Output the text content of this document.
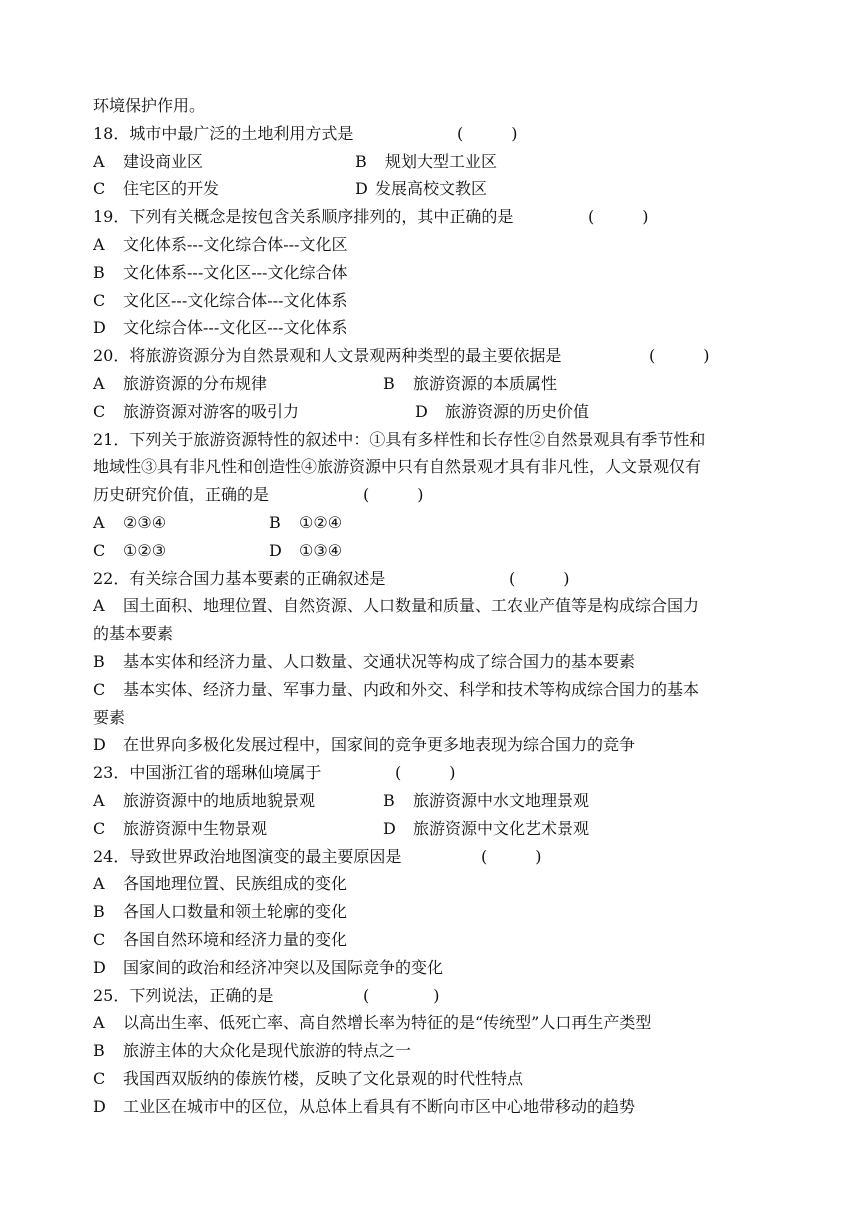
环境保护作用。
18．城市中最广泛的土地利用方式是	(　　　)
A 建设商业区	B 规划大型工业区
C 住宅区的开发	D 发展高校文教区
19．下列有关概念是按包含关系顺序排列的，其中正确的是	(　　　)
A 文化体系---文化综合体---文化区
B 文化体系---文化区---文化综合体
C 文化区---文化综合体---文化体系
D 文化综合体---文化区---文化体系
20．将旅游资源分为自然景观和人文景观两种类型的最主要依据是	(　　　)
A 旅游资源的分布规律	B 旅游资源的本质属性
C 旅游资源对游客的吸引力	D 旅游资源的历史价值
21．下列关于旅游资源特性的叙述中：①具有多样性和长存性②自然景观具有季节性和
地域性③具有非凡性和创造性④旅游资源中只有自然景观才具有非凡性，人文景观仅有
历史研究价值，正确的是	(　　　)
A ②③④	B ①②④
C ①②③	D ①③④
22．有关综合国力基本要素的正确叙述是	(　　　)
A 国土面积、地理位置、自然资源、人口数量和质量、工农业产值等是构成综合国力
的基本要素
B 基本实体和经济力量、人口数量、交通状况等构成了综合国力的基本要素
C 基本实体、经济力量、军事力量、内政和外交、科学和技术等构成综合国力的基本
要素
D 在世界向多极化发展过程中，国家间的竞争更多地表现为综合国力的竞争
23．中国浙江省的瑶琳仙境属于	(　　　)
A 旅游资源中的地质地貌景观	B 旅游资源中水文地理景观
C 旅游资源中生物景观	D 旅游资源中文化艺术景观
24．导致世界政治地图演变的最主要原因是	(　　　)
A 各国地理位置、民族组成的变化
B 各国人口数量和领土轮廓的变化
C 各国自然环境和经济力量的变化
D 国家间的政治和经济冲突以及国际竞争的变化
25．下列说法，正确的是	(　　　　)
A 以高出生率、低死亡率、高自然增长率为特征的是“传统型”人口再生产类型
B 旅游主体的大众化是现代旅游的特点之一
C 我国西双版纳的傣族竹楼，反映了文化景观的时代性特点
D 工业区在城市中的区位，从总体上看具有不断向市区中心地带移动的趋势
